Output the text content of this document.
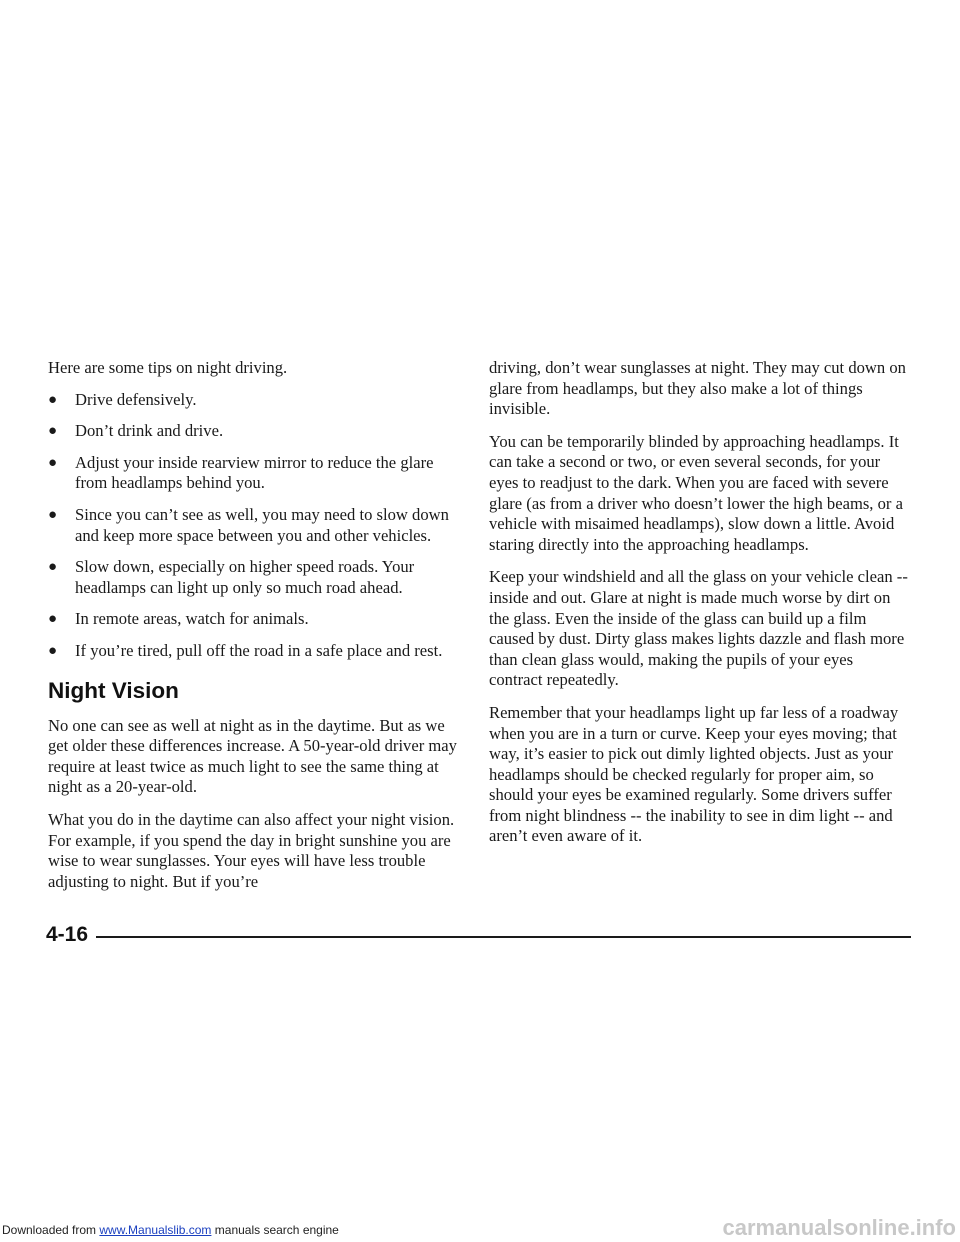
Here are some tips on night driving.

● Drive defensively.
● Don’t drink and drive.
● Adjust your inside rearview mirror to reduce the glare from headlamps behind you.
● Since you can’t see as well, you may need to slow down and keep more space between you and other vehicles.
● Slow down, especially on higher speed roads. Your headlamps can light up only so much road ahead.
● In remote areas, watch for animals.
● If you’re tired, pull off the road in a safe place and rest.
Night Vision

No one can see as well at night as in the daytime. But as we get older these differences increase. A 50-year-old driver may require at least twice as much light to see the same thing at night as a 20-year-old.

What you do in the daytime can also affect your night vision. For example, if you spend the day in bright sunshine you are wise to wear sunglasses. Your eyes will have less trouble adjusting to night. But if you’re

driving, don’t wear sunglasses at night. They may cut down on glare from headlamps, but they also make a lot of things invisible.

You can be temporarily blinded by approaching headlamps. It can take a second or two, or even several seconds, for your eyes to readjust to the dark. When you are faced with severe glare (as from a driver who doesn’t lower the high beams, or a vehicle with misaimed headlamps), slow down a little. Avoid staring directly into the approaching headlamps.

Keep your windshield and all the glass on your vehicle clean -- inside and out. Glare at night is made much worse by dirt on the glass. Even the inside of the glass can build up a film caused by dust. Dirty glass makes lights dazzle and flash more than clean glass would, making the pupils of your eyes contract repeatedly.

Remember that your headlamps light up far less of a roadway when you are in a turn or curve. Keep your eyes moving; that way, it’s easier to pick out dimly lighted objects. Just as your headlamps should be checked regularly for proper aim, so should your eyes be examined regularly. Some drivers suffer from night blindness -- the inability to see in dim light -- and aren’t even aware of it.

4-16
Downloaded from www.Manualslib.com manuals search engine	carmanualsonline.info
